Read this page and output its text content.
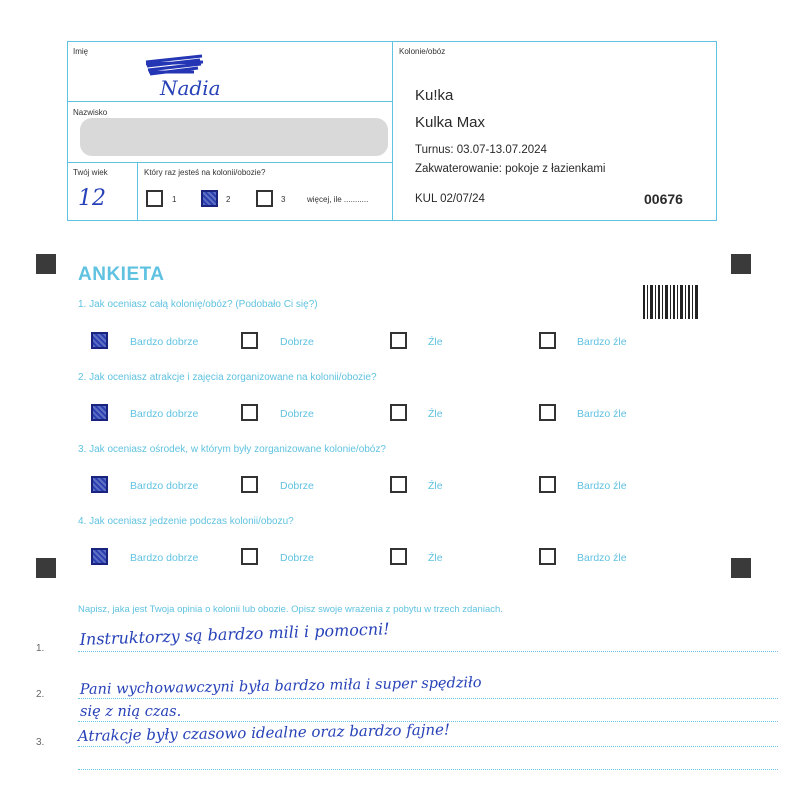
Imię
Nadia
Nazwisko
Twój wiek
12
Który raz jesteś na kolonii/obozie?
1	2	3	więcej, ile ...........
Kolonie/obóz
Ku!ka
Kulka Max
Turnus: 03.07-13.07.2024
Zakwaterowanie: pokoje z łazienkami
KUL 02/07/24	00676
ANKIETA
1. Jak oceniasz całą kolonię/obóz? (Podobało Ci się?)
Bardzo dobrze	Dobrze	Źle	Bardzo źle
2. Jak oceniasz atrakcje i zajęcia zorganizowane na kolonii/obozie?
Bardzo dobrze	Dobrze	Źle	Bardzo źle
3. Jak oceniasz ośrodek, w którym były zorganizowane kolonie/obóz?
Bardzo dobrze	Dobrze	Źle	Bardzo źle
4. Jak oceniasz jedzenie podczas kolonii/obozu?
Bardzo dobrze	Dobrze	Źle	Bardzo źle
Napisz, jaka jest Twoja opinia o kolonii lub obozie. Opisz swoje wrażenia z pobytu w trzech zdaniach.
1. Instruktorzy są bardzo mili i pomocni!
2. Pani wychowawczyni była bardzo miła i super spędziło
się z nią czas.
3. Atrakcje były czasowo idealne oraz bardzo fajne!
